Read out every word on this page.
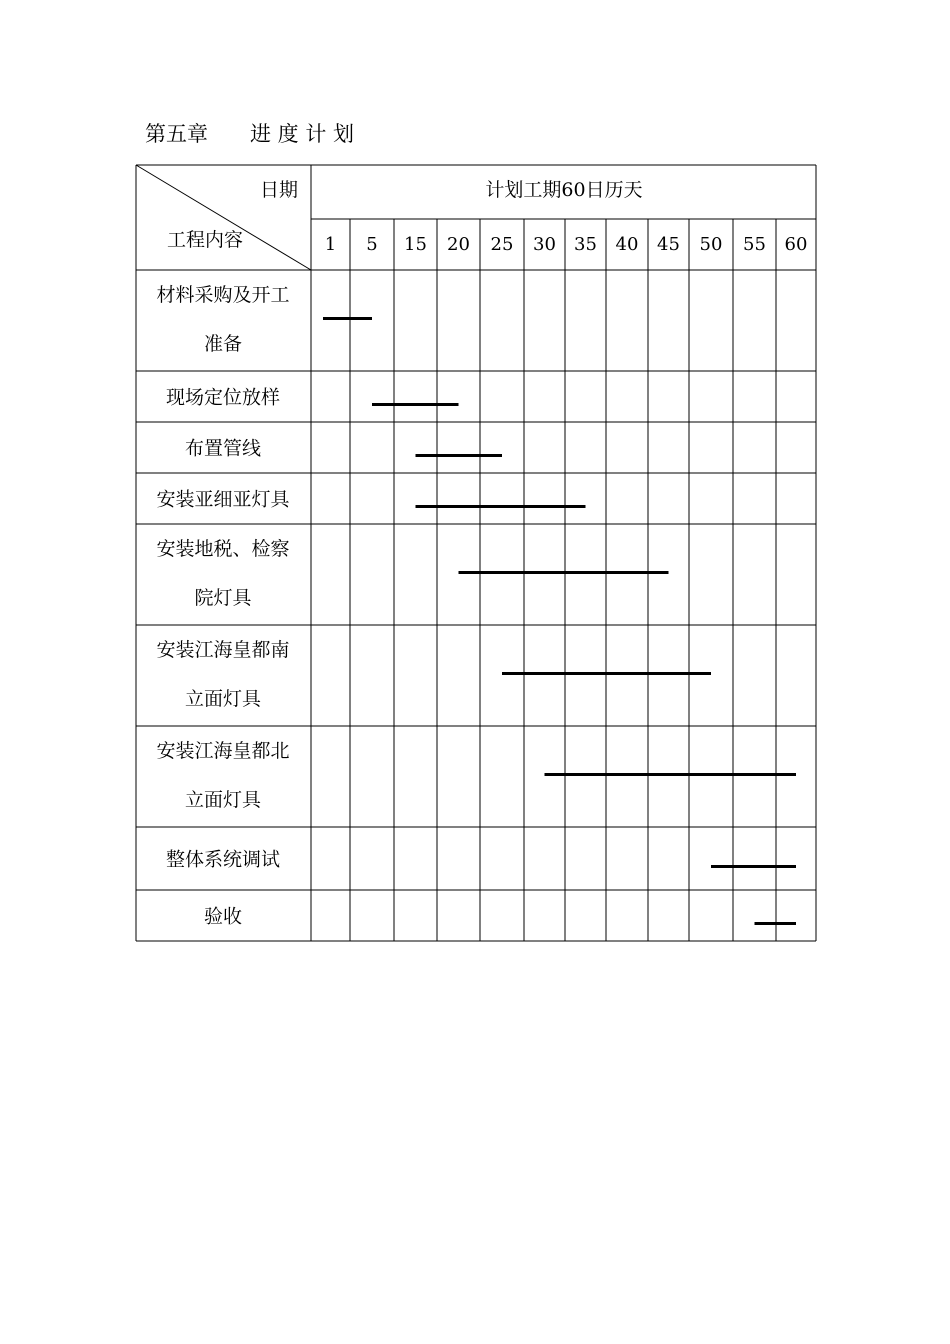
第五章　　进 度 计 划
日期
工程内容
计划工期60日历天
1 5 15 20 25 30 35 40 45 50 55 60
材料采购及开工
准备
现场定位放样
布置管线
安装亚细亚灯具
安装地税、检察
院灯具
安装江海皇都南
立面灯具
安装江海皇都北
立面灯具
整体系统调试
验收
